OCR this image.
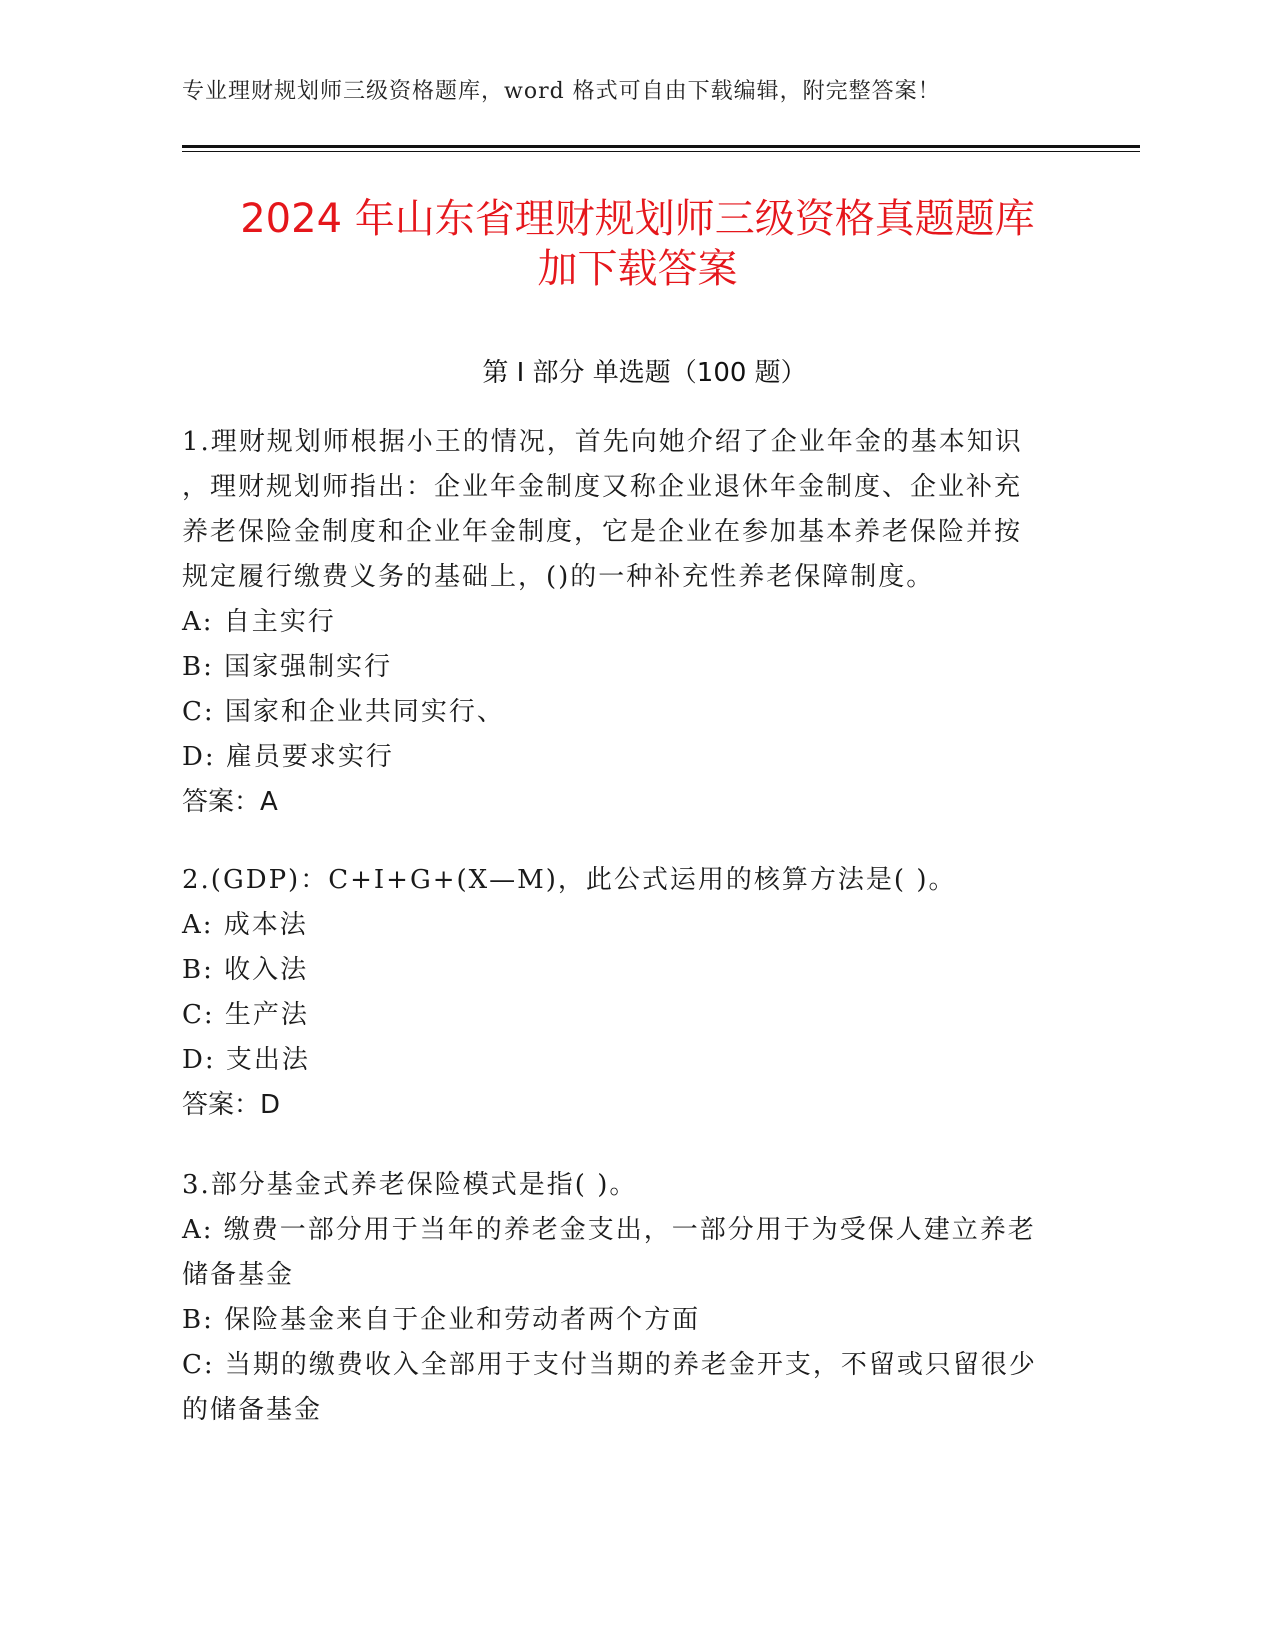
专业理财规划师三级资格题库，word 格式可自由下载编辑，附完整答案！
2024 年山东省理财规划师三级资格真题题库
加下载答案
第 I 部分 单选题（100 题）
1.理财规划师根据小王的情况，首先向她介绍了企业年金的基本知识
，理财规划师指出：企业年金制度又称企业退休年金制度、企业补充
养老保险金制度和企业年金制度，它是企业在参加基本养老保险并按
规定履行缴费义务的基础上，()的一种补充性养老保障制度。
A: 自主实行
B: 国家强制实行
C: 国家和企业共同实行、
D: 雇员要求实行
答案：A
2.(GDP)：C+I+G+(X—M)，此公式运用的核算方法是( )。
A: 成本法
B: 收入法
C: 生产法
D: 支出法
答案：D
3.部分基金式养老保险模式是指( )。
A: 缴费一部分用于当年的养老金支出，一部分用于为受保人建立养老
储备基金
B: 保险基金来自于企业和劳动者两个方面
C: 当期的缴费收入全部用于支付当期的养老金开支，不留或只留很少
的储备基金
